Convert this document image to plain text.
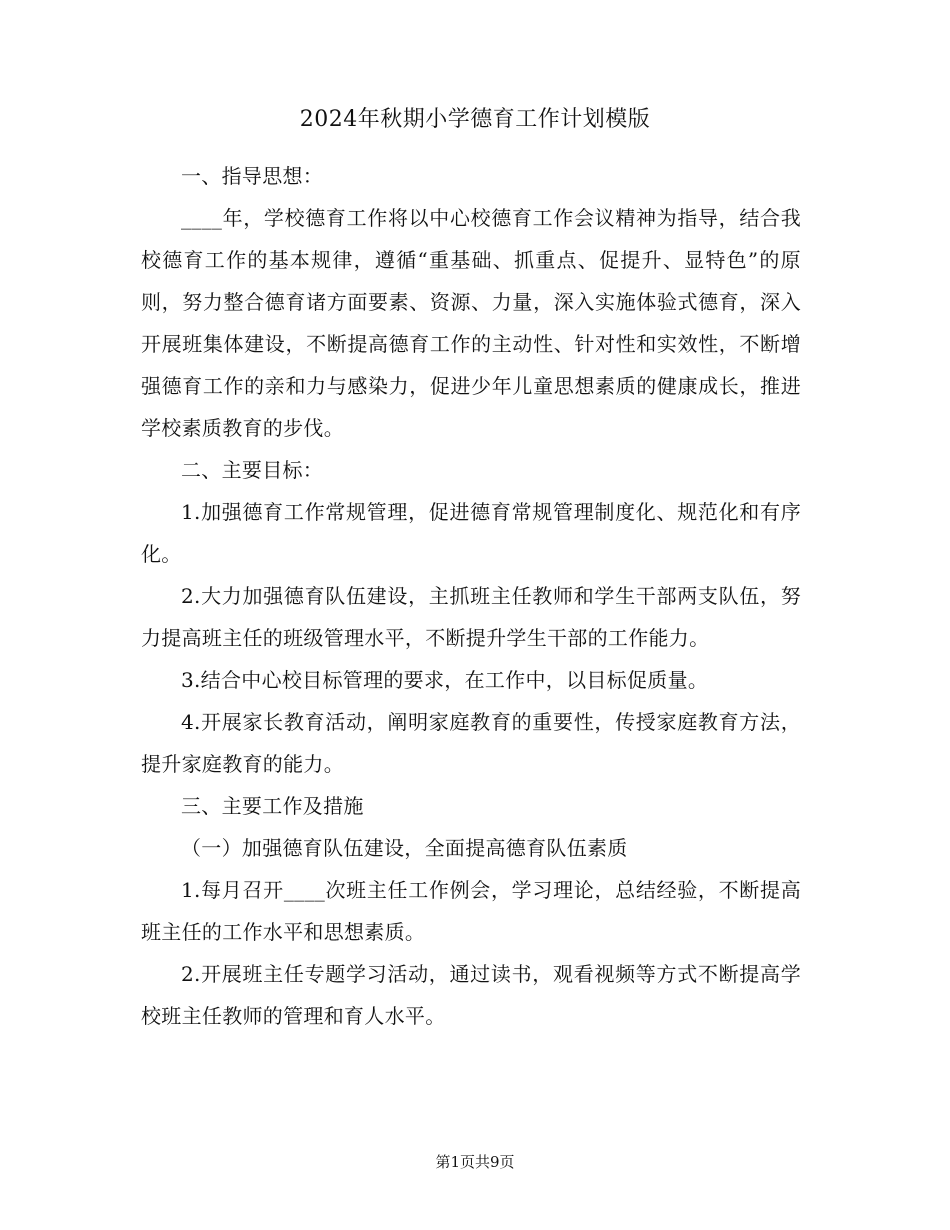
2024年秋期小学德育工作计划模版

一、指导思想：

____年，学校德育工作将以中心校德育工作会议精神为指导，结合我校德育工作的基本规律，遵循“重基础、抓重点、促提升、显特色”的原则，努力整合德育诸方面要素、资源、力量，深入实施体验式德育，深入开展班集体建设，不断提高德育工作的主动性、针对性和实效性，不断增强德育工作的亲和力与感染力，促进少年儿童思想素质的健康成长，推进学校素质教育的步伐。

二、主要目标：

1.加强德育工作常规管理，促进德育常规管理制度化、规范化和有序化。

2.大力加强德育队伍建设，主抓班主任教师和学生干部两支队伍，努力提高班主任的班级管理水平，不断提升学生干部的工作能力。

3.结合中心校目标管理的要求，在工作中，以目标促质量。

4.开展家长教育活动，阐明家庭教育的重要性，传授家庭教育方法，提升家庭教育的能力。

三、主要工作及措施

（一）加强德育队伍建设，全面提高德育队伍素质

1.每月召开____次班主任工作例会，学习理论，总结经验，不断提高班主任的工作水平和思想素质。

2.开展班主任专题学习活动，通过读书，观看视频等方式不断提高学校班主任教师的管理和育人水平。

第1页共9页
